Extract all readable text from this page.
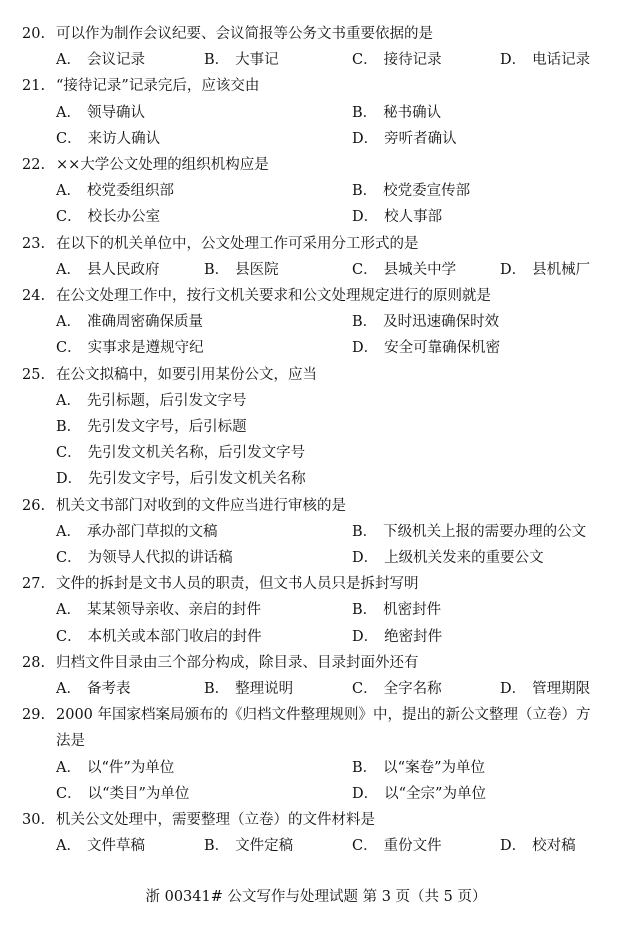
20. 可以作为制作会议纪要、会议简报等公务文书重要依据的是
A． 会议记录	B． 大事记	C． 接待记录	D． 电话记录
21. “接待记录”记录完后，应该交由
A． 领导确认	B． 秘书确认
C． 来访人确认	D． 旁听者确认
22. ××大学公文处理的组织机构应是
A． 校党委组织部	B． 校党委宣传部
C． 校长办公室	D． 校人事部
23. 在以下的机关单位中，公文处理工作可采用分工形式的是
A． 县人民政府	B． 县医院	C． 县城关中学	D． 县机械厂
24. 在公文处理工作中，按行文机关要求和公文处理规定进行的原则就是
A． 准确周密确保质量	B． 及时迅速确保时效
C． 实事求是遵规守纪	D． 安全可靠确保机密
25. 在公文拟稿中，如要引用某份公文，应当
A． 先引标题，后引发文字号
B． 先引发文字号，后引标题
C． 先引发文机关名称，后引发文字号
D． 先引发文字号，后引发文机关名称
26. 机关文书部门对收到的文件应当进行审核的是
A． 承办部门草拟的文稿	B． 下级机关上报的需要办理的公文
C． 为领导人代拟的讲话稿	D． 上级机关发来的重要公文
27. 文件的拆封是文书人员的职责，但文书人员只是拆封写明
A． 某某领导亲收、亲启的封件	B． 机密封件
C． 本机关或本部门收启的封件	D． 绝密封件
28. 归档文件目录由三个部分构成，除目录、目录封面外还有
A． 备考表	B． 整理说明	C． 全字名称	D． 管理期限
29. 2000 年国家档案局颁布的《归档文件整理规则》中，提出的新公文整理（立卷）方
法是
A． 以“件”为单位	B． 以“案卷”为单位
C． 以“类目”为单位	D． 以“全宗”为单位
30. 机关公文处理中，需要整理（立卷）的文件材料是
A． 文件草稿	B． 文件定稿	C． 重份文件	D． 校对稿
浙 00341# 公文写作与处理试题 第 3 页（共 5 页）
